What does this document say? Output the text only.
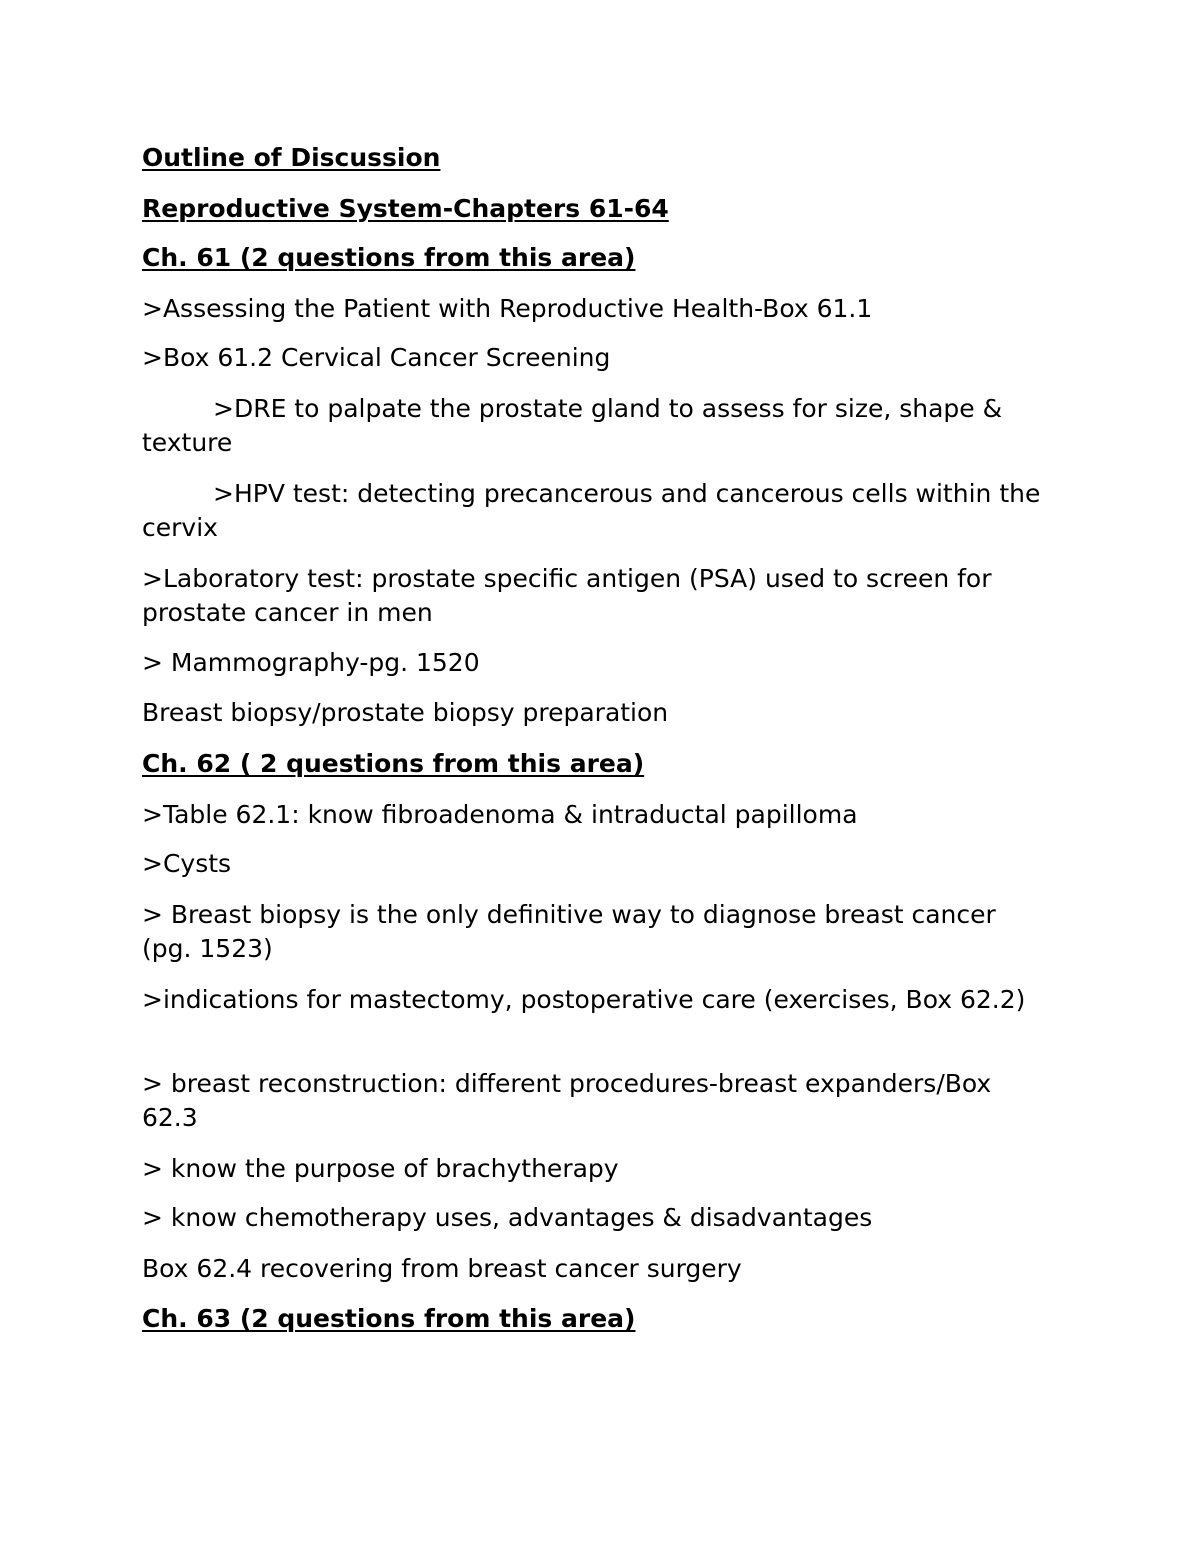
Outline of Discussion
Reproductive System-Chapters 61-64
Ch. 61 (2 questions from this area)
>Assessing the Patient with Reproductive Health-Box 61.1
>Box 61.2 Cervical Cancer Screening
>DRE to palpate the prostate gland to assess for size, shape & texture
>HPV test: detecting precancerous and cancerous cells within the cervix
>Laboratory test: prostate specific antigen (PSA) used to screen for prostate cancer in men
> Mammography-pg. 1520
Breast biopsy/prostate biopsy preparation
Ch. 62 ( 2 questions from this area)
>Table 62.1: know fibroadenoma & intraductal papilloma
>Cysts
> Breast biopsy is the only definitive way to diagnose breast cancer (pg. 1523)
>indications for mastectomy, postoperative care (exercises, Box 62.2)
> breast reconstruction: different procedures-breast expanders/Box 62.3
> know the purpose of brachytherapy
> know chemotherapy uses, advantages & disadvantages
Box 62.4 recovering from breast cancer surgery
Ch. 63 (2 questions from this area)
